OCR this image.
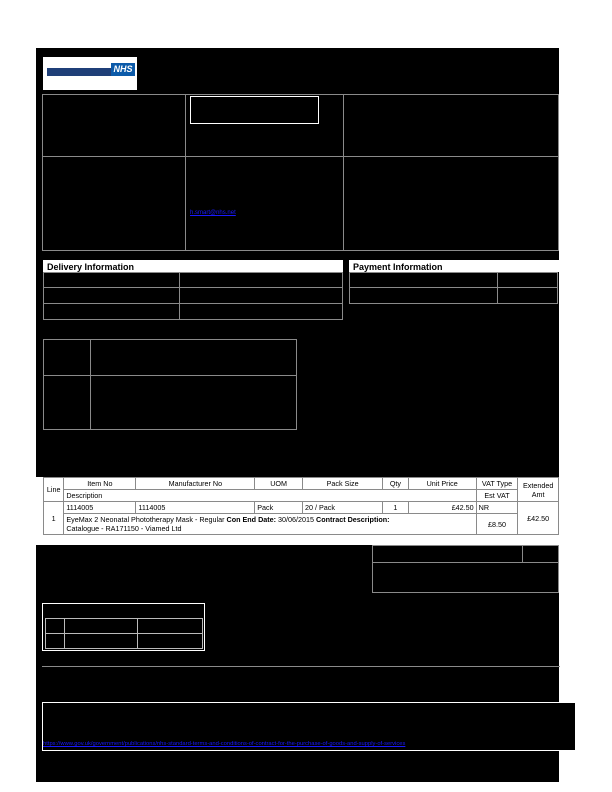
NHS
h.smart@nhs.net
Delivery Information	Payment Information
Line	Item No	Manufacturer No	UOM	Pack Size	Qty	Unit Price	VAT Type	Extended Amt
	Description						Est VAT	
1	1114005	1114005	Pack	20 / Pack	1	£42.50	NR	£42.50
	EyeMax 2 Neonatal Phototherapy Mask - Regular Con End Date: 30/06/2015 Contract Description:
Catalogue - RA171150 - Viamed Ltd						£8.50	
https://www.gov.uk/government/publications/nhs-standard-terms-and-conditions-of-contract-for-the-purchase-of-goods-and-supply-of-services
